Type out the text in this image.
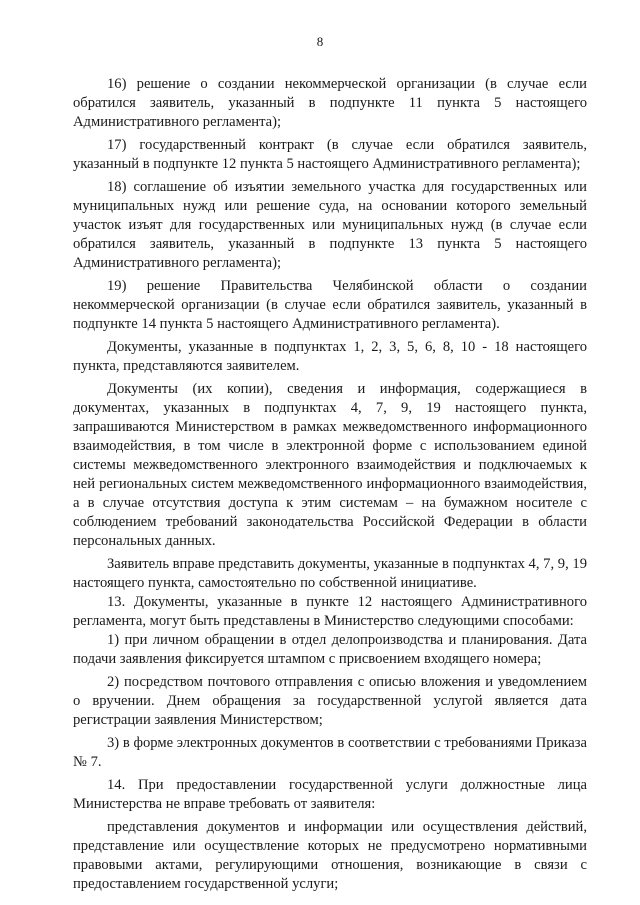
8

16) решение о создании некоммерческой организации (в случае если обратился заявитель, указанный в подпункте 11 пункта 5 настоящего Административного регламента);

17) государственный контракт (в случае если обратился заявитель, указанный в подпункте 12 пункта 5 настоящего Административного регламента);

18) соглашение об изъятии земельного участка для государственных или муниципальных нужд или решение суда, на основании которого земельный участок изъят для государственных или муниципальных нужд (в случае если обратился заявитель, указанный в подпункте 13 пункта 5 настоящего Административного регламента);

19) решение Правительства Челябинской области о создании некоммерческой организации (в случае если обратился заявитель, указанный в подпункте 14 пункта 5 настоящего Административного регламента).

Документы, указанные в подпунктах 1, 2, 3, 5, 6, 8, 10 - 18 настоящего пункта, представляются заявителем.

Документы (их копии), сведения и информация, содержащиеся в документах, указанных в подпунктах 4, 7, 9, 19 настоящего пункта, запрашиваются Министерством в рамках межведомственного информационного взаимодействия, в том числе в электронной форме с использованием единой системы межведомственного электронного взаимодействия и подключаемых к ней региональных систем межведомственного информационного взаимодействия, а в случае отсутствия доступа к этим системам – на бумажном носителе с соблюдением требований законодательства Российской Федерации в области персональных данных.

Заявитель вправе представить документы, указанные в подпунктах 4, 7, 9, 19 настоящего пункта, самостоятельно по собственной инициативе.

13. Документы, указанные в пункте 12 настоящего Административного регламента, могут быть представлены в Министерство следующими способами:

1) при личном обращении в отдел делопроизводства и планирования. Дата подачи заявления фиксируется штампом с присвоением входящего номера;

2) посредством почтового отправления с описью вложения и уведомлением о вручении. Днем обращения за государственной услугой является дата регистрации заявления Министерством;

3) в форме электронных документов в соответствии с требованиями Приказа № 7.

14. При предоставлении государственной услуги должностные лица Министерства не вправе требовать от заявителя:

представления документов и информации или осуществления действий, представление или осуществление которых не предусмотрено нормативными правовыми актами, регулирующими отношения, возникающие в связи с предоставлением государственной услуги;
